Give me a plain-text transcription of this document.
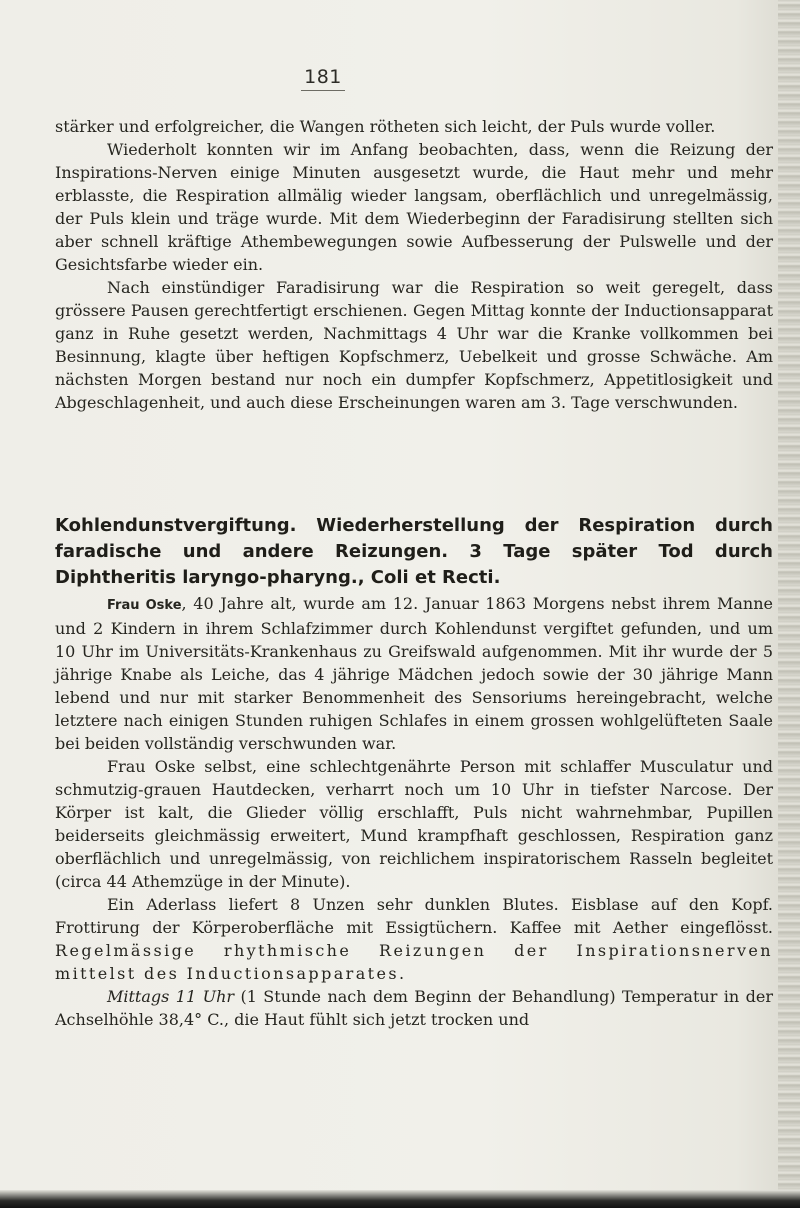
181

stärker und erfolgreicher, die Wangen rötheten sich leicht, der Puls wurde voller.

Wiederholt konnten wir im Anfang beobachten, dass, wenn die Reizung der Inspirations-Nerven einige Minuten ausgesetzt wurde, die Haut mehr und mehr erblasste, die Respiration allmälig wieder langsam, oberflächlich und unregelmässig, der Puls klein und träge wurde. Mit dem Wiederbeginn der Faradisirung stellten sich aber schnell kräftige Athembewegungen sowie Aufbesserung der Pulswelle und der Gesichtsfarbe wieder ein.

Nach einstündiger Faradisirung war die Respiration so weit geregelt, dass grössere Pausen gerechtfertigt erschienen. Gegen Mittag konnte der Inductionsapparat ganz in Ruhe gesetzt werden, Nachmittags 4 Uhr war die Kranke vollkommen bei Besinnung, klagte über heftigen Kopfschmerz, Uebelkeit und grosse Schwäche. Am nächsten Morgen bestand nur noch ein dumpfer Kopfschmerz, Appetitlosigkeit und Abgeschlagenheit, und auch diese Erscheinungen waren am 3. Tage verschwunden.

Kohlendunstvergiftung. Wiederherstellung der Respiration durch faradische und andere Reizungen. 3 Tage später Tod durch Diphtheritis laryngo-pharyng., Coli et Recti.

Frau Oske, 40 Jahre alt, wurde am 12. Januar 1863 Morgens nebst ihrem Manne und 2 Kindern in ihrem Schlafzimmer durch Kohlendunst vergiftet gefunden, und um 10 Uhr im Universitäts-Krankenhaus zu Greifswald aufgenommen. Mit ihr wurde der 5 jährige Knabe als Leiche, das 4 jährige Mädchen jedoch sowie der 30 jährige Mann lebend und nur mit starker Benommenheit des Sensoriums hereingebracht, welche letztere nach einigen Stunden ruhigen Schlafes in einem grossen wohlgelüfteten Saale bei beiden vollständig verschwunden war.

Frau Oske selbst, eine schlechtgenährte Person mit schlaffer Musculatur und schmutzig-grauen Hautdecken, verharrt noch um 10 Uhr in tiefster Narcose. Der Körper ist kalt, die Glieder völlig erschlafft, Puls nicht wahrnehmbar, Pupillen beiderseits gleichmässig erweitert, Mund krampfhaft geschlossen, Respiration ganz oberflächlich und unregelmässig, von reichlichem inspiratorischem Rasseln begleitet (circa 44 Athemzüge in der Minute).

Ein Aderlass liefert 8 Unzen sehr dunklen Blutes. Eisblase auf den Kopf. Frottirung der Körperoberfläche mit Essigtüchern. Kaffee mit Aether eingeflösst. Regelmässige rhythmische Reizungen der Inspirationsnerven mittelst des Inductionsapparates.

Mittags 11 Uhr (1 Stunde nach dem Beginn der Behandlung) Temperatur in der Achselhöhle 38,4° C., die Haut fühlt sich jetzt trocken und
